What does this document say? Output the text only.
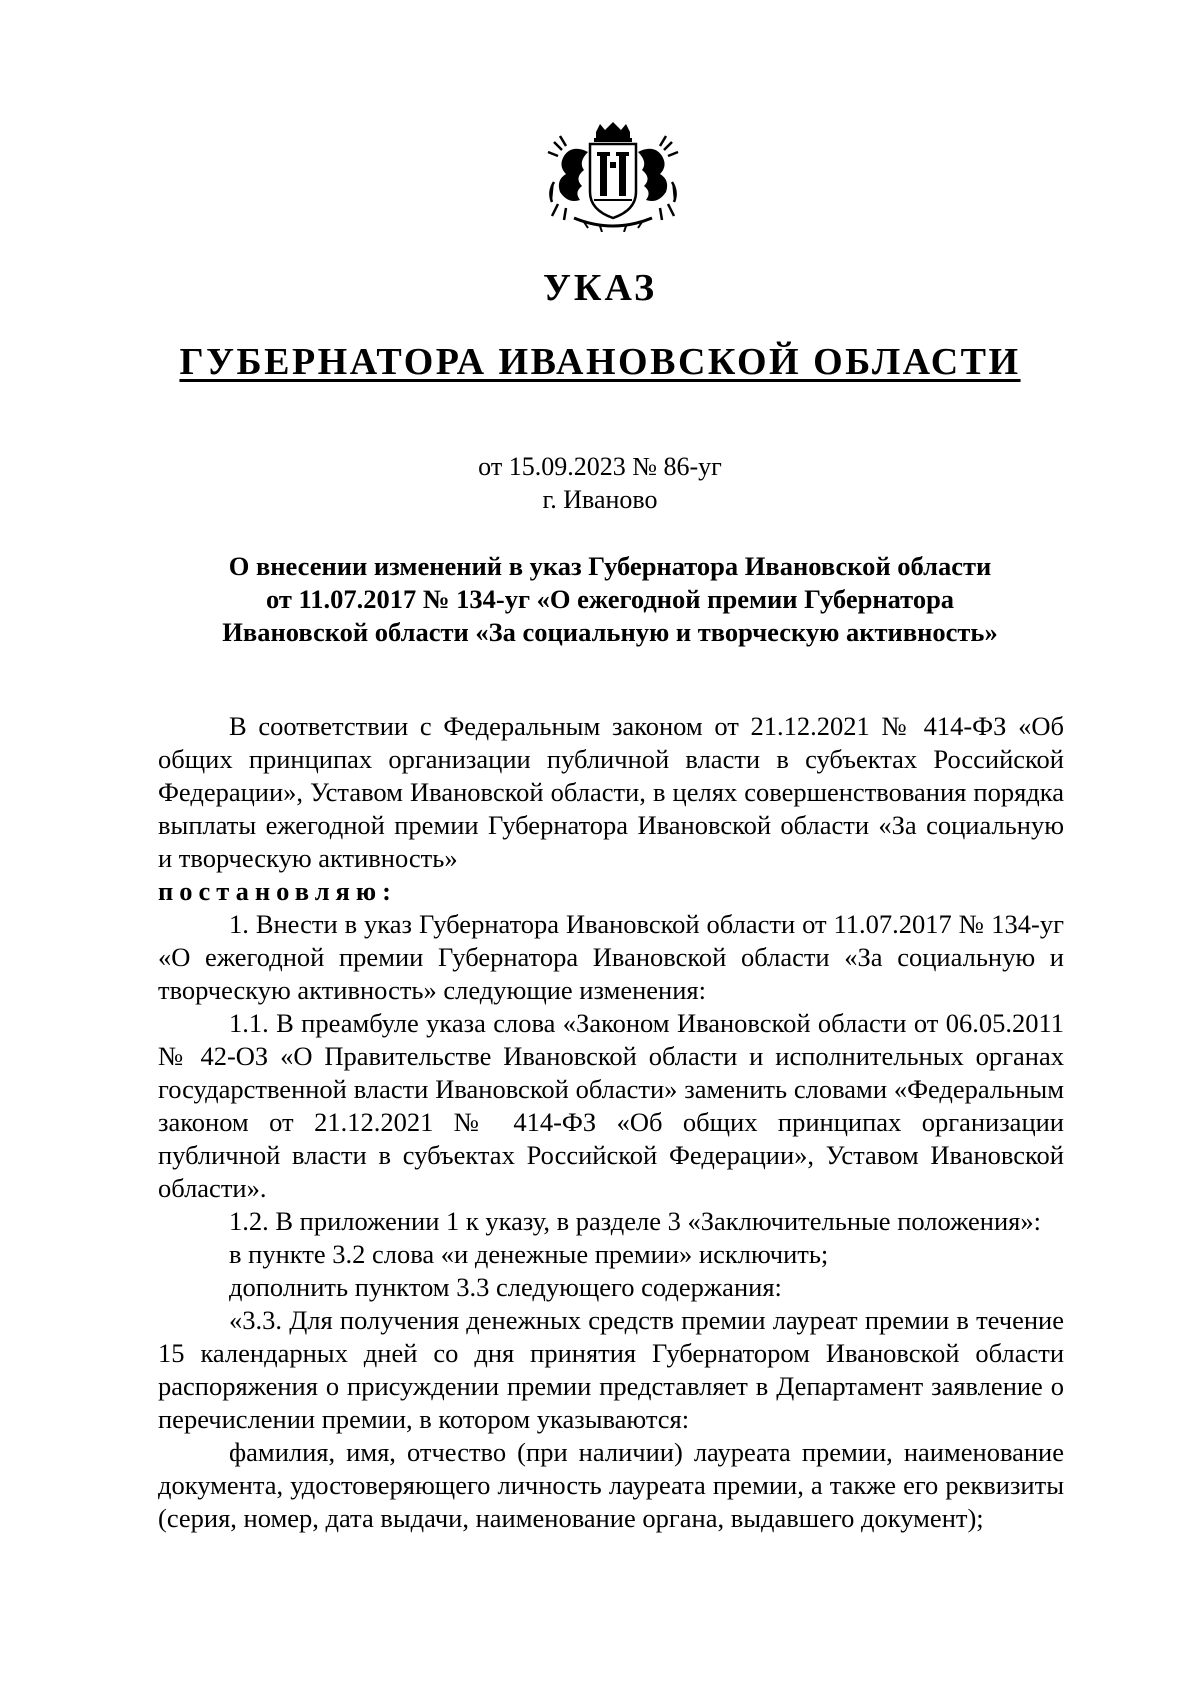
УКАЗ
ГУБЕРНАТОРА ИВАНОВСКОЙ ОБЛАСТИ
от 15.09.2023 № 86-уг
г. Иваново
О внесении изменений в указ Губернатора Ивановской области
от 11.07.2017 № 134-уг «О ежегодной премии Губернатора
Ивановской области «За социальную и творческую активность»

В соответствии с Федеральным законом от 21.12.2021 № 414-ФЗ «Об общих принципах организации публичной власти в субъектах Российской Федерации», Уставом Ивановской области, в целях совершенствования порядка выплаты ежегодной премии Губернатора Ивановской области «За социальную и творческую активность»

постановляю:

1. Внести в указ Губернатора Ивановской области от 11.07.2017 № 134-уг «О ежегодной премии Губернатора Ивановской области «За социальную и творческую активность» следующие изменения:

1.1. В преамбуле указа слова «Законом Ивановской области от 06.05.2011 № 42-ОЗ «О Правительстве Ивановской области и исполнительных органах государственной власти Ивановской области» заменить словами «Федеральным законом от 21.12.2021 № 414-ФЗ «Об общих принципах организации публичной власти в субъектах Российской Федерации», Уставом Ивановской области».

1.2. В приложении 1 к указу, в разделе 3 «Заключительные положения»:

в пункте 3.2 слова «и денежные премии» исключить;

дополнить пунктом 3.3 следующего содержания:

«3.3. Для получения денежных средств премии лауреат премии в течение 15 календарных дней со дня принятия Губернатором Ивановской области распоряжения о присуждении премии представляет в Департамент заявление о перечислении премии, в котором указываются:

фамилия, имя, отчество (при наличии) лауреата премии, наименование документа, удостоверяющего личность лауреата премии, а также его реквизиты (серия, номер, дата выдачи, наименование органа, выдавшего документ);
